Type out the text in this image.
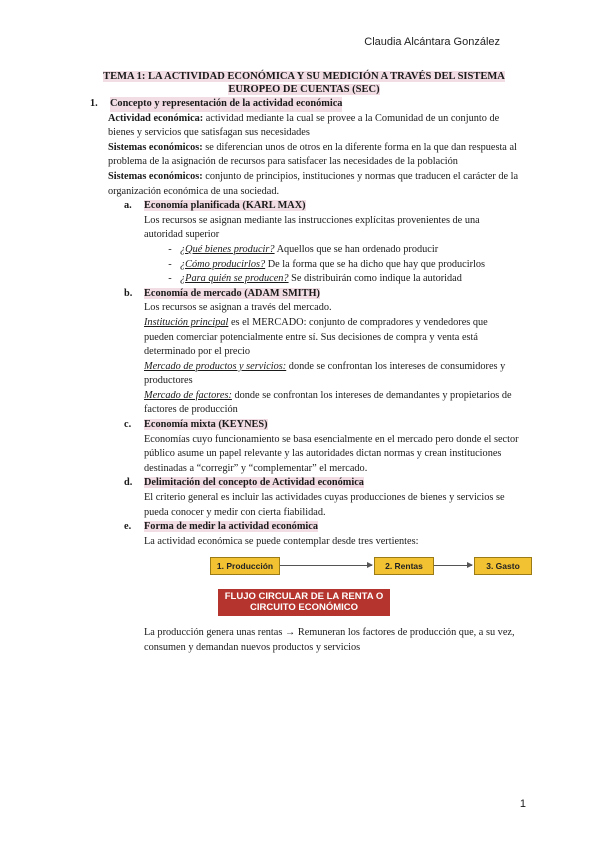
Claudia Alcántara González
TEMA 1: LA ACTIVIDAD ECONÓMICA Y SU MEDICIÓN A TRAVÉS DEL SISTEMA
EUROPEO DE CUENTAS (SEC)
1.	Concepto y representación de la actividad económica
Actividad económica: actividad mediante la cual se provee a la Comunidad de un conjunto de bienes y servicios que satisfagan sus necesidades
Sistemas económicos: se diferencian unos de otros en la diferente forma en la que dan respuesta al problema de la asignación de recursos para satisfacer las necesidades de la población
Sistemas económicos: conjunto de principios, instituciones y normas que traducen el carácter de la organización económica de una sociedad.
a.	Economía planificada (KARL MAX)
Los recursos se asignan mediante las instrucciones explícitas provenientes de una autoridad superior
- ¿Qué bienes producir? Aquellos que se han ordenado producir
- ¿Cómo producirlos? De la forma que se ha dicho que hay que producirlos
- ¿Para quién se producen? Se distribuirán como indique la autoridad
b.	Economía de mercado (ADAM SMITH)
Los recursos se asignan a través del mercado.
Institución principal es el MERCADO: conjunto de compradores y vendedores que pueden comerciar potencialmente entre sí. Sus decisiones de compra y venta está determinado por el precio
Mercado de productos y servicios: donde se confrontan los intereses de consumidores y productores
Mercado de factores: donde se confrontan los intereses de demandantes y propietarios de factores de producción
c.	Economía mixta (KEYNES)
Economías cuyo funcionamiento se basa esencialmente en el mercado pero donde el sector público asume un papel relevante y las autoridades dictan normas y crean instituciones destinadas a “corregir” y “complementar” el mercado.
d.	Delimitación del concepto de Actividad económica
El criterio general es incluir las actividades cuyas producciones de bienes y servicios se pueda conocer y medir con cierta fiabilidad.
e.	Forma de medir la actividad económica
La actividad económica se puede contemplar desde tres vertientes:
1. Producción	2. Rentas	3. Gasto
FLUJO CIRCULAR DE LA RENTA O
CIRCUITO ECONÓMICO
La producción genera unas rentas → Remuneran los factores de producción que, a su vez, consumen y demandan nuevos productos y servicios
1
